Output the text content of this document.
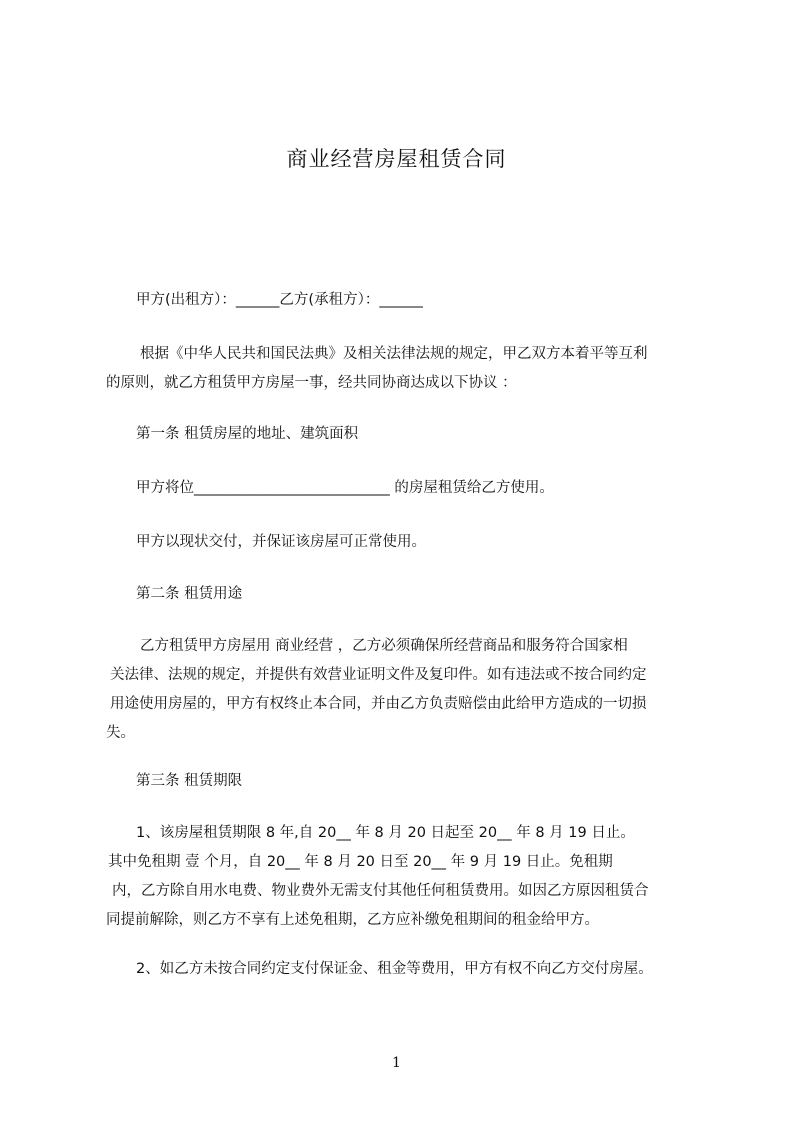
商业经营房屋租赁合同
甲方(出租方）：______乙方(承租方）：______
根据《中华人民共和国民法典》及相关法律法规的规定，甲乙双方本着平等互利
的原则，就乙方租赁甲方房屋一事，经共同协商达成以下协议 ：
第一条 租赁房屋的地址、建筑面积
甲方将位___________________________ 的房屋租赁给乙方使用。
甲方以现状交付，并保证该房屋可正常使用。
第二条 租赁用途
乙方租赁甲方房屋用 商业经营 ，乙方必须确保所经营商品和服务符合国家相
关法律、法规的规定，并提供有效营业证明文件及复印件。如有违法或不按合同约定
用途使用房屋的，甲方有权终止本合同，并由乙方负责赔偿由此给甲方造成的一切损
失。
第三条 租赁期限
1、该房屋租赁期限 8 年,自 20__ 年 8 月 20 日起至 20__ 年 8 月 19 日止。
其中免租期 壹 个月，自 20__ 年 8 月 20 日至 20__ 年 9 月 19 日止。免租期
内，乙方除自用水电费、物业费外无需支付其他任何租赁费用。如因乙方原因租赁合
同提前解除，则乙方不享有上述免租期，乙方应补缴免租期间的租金给甲方。
2、如乙方未按合同约定支付保证金、租金等费用，甲方有权不向乙方交付房屋。
1
